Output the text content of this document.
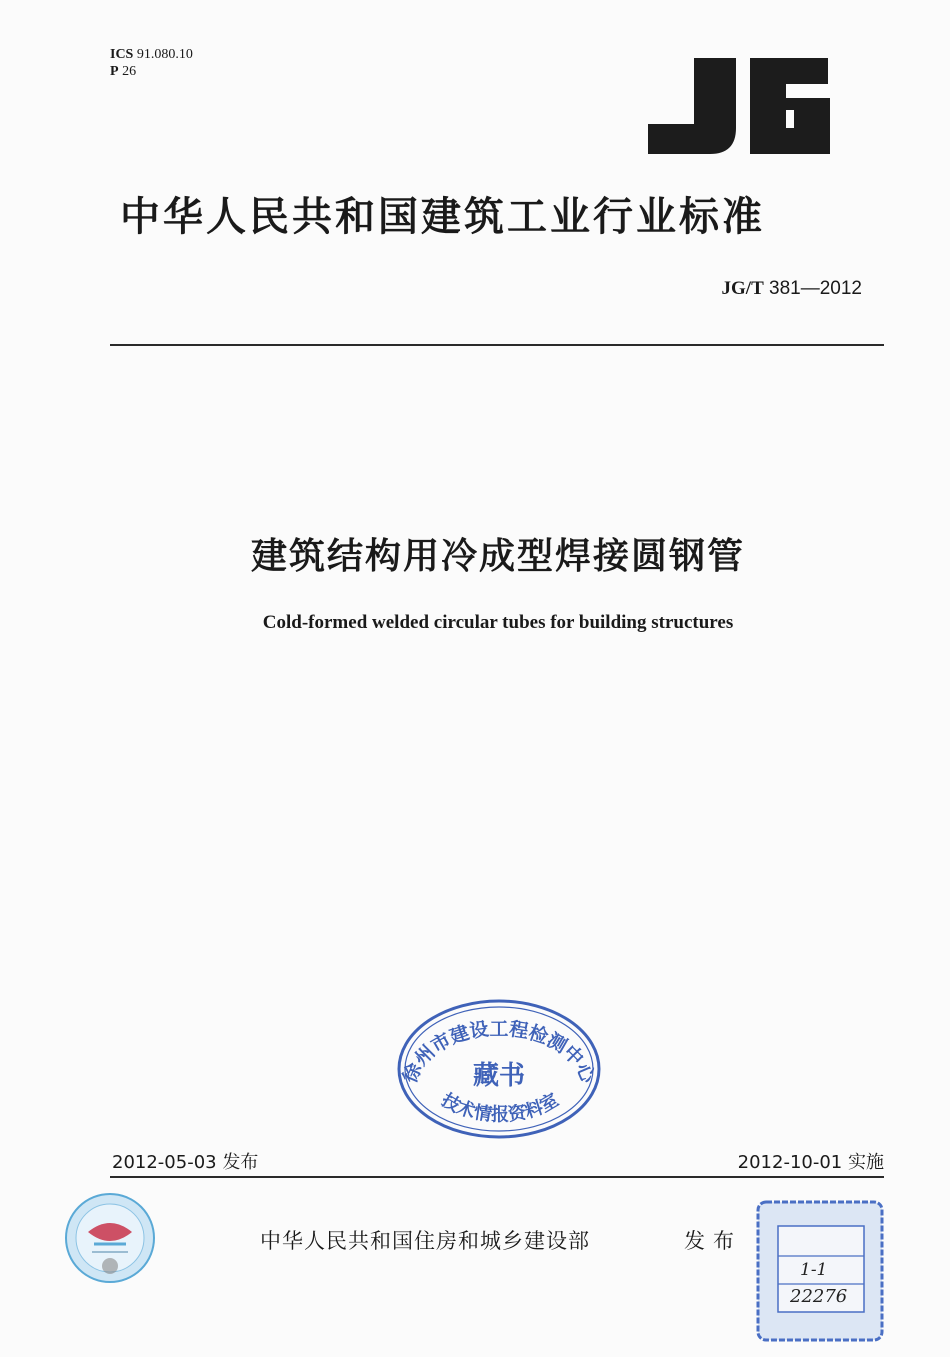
ICS 91.080.10
P 26
中华人民共和国建筑工业行业标准
JG/T 381—2012
建筑结构用冷成型焊接圆钢管
Cold-formed welded circular tubes for building structures
徐州市建设工程检测中心
藏书
技术情报资料室
2012-05-03 发布	2012-10-01 实施
中华人民共和国住房和城乡建设部	发布
1-1
22276
